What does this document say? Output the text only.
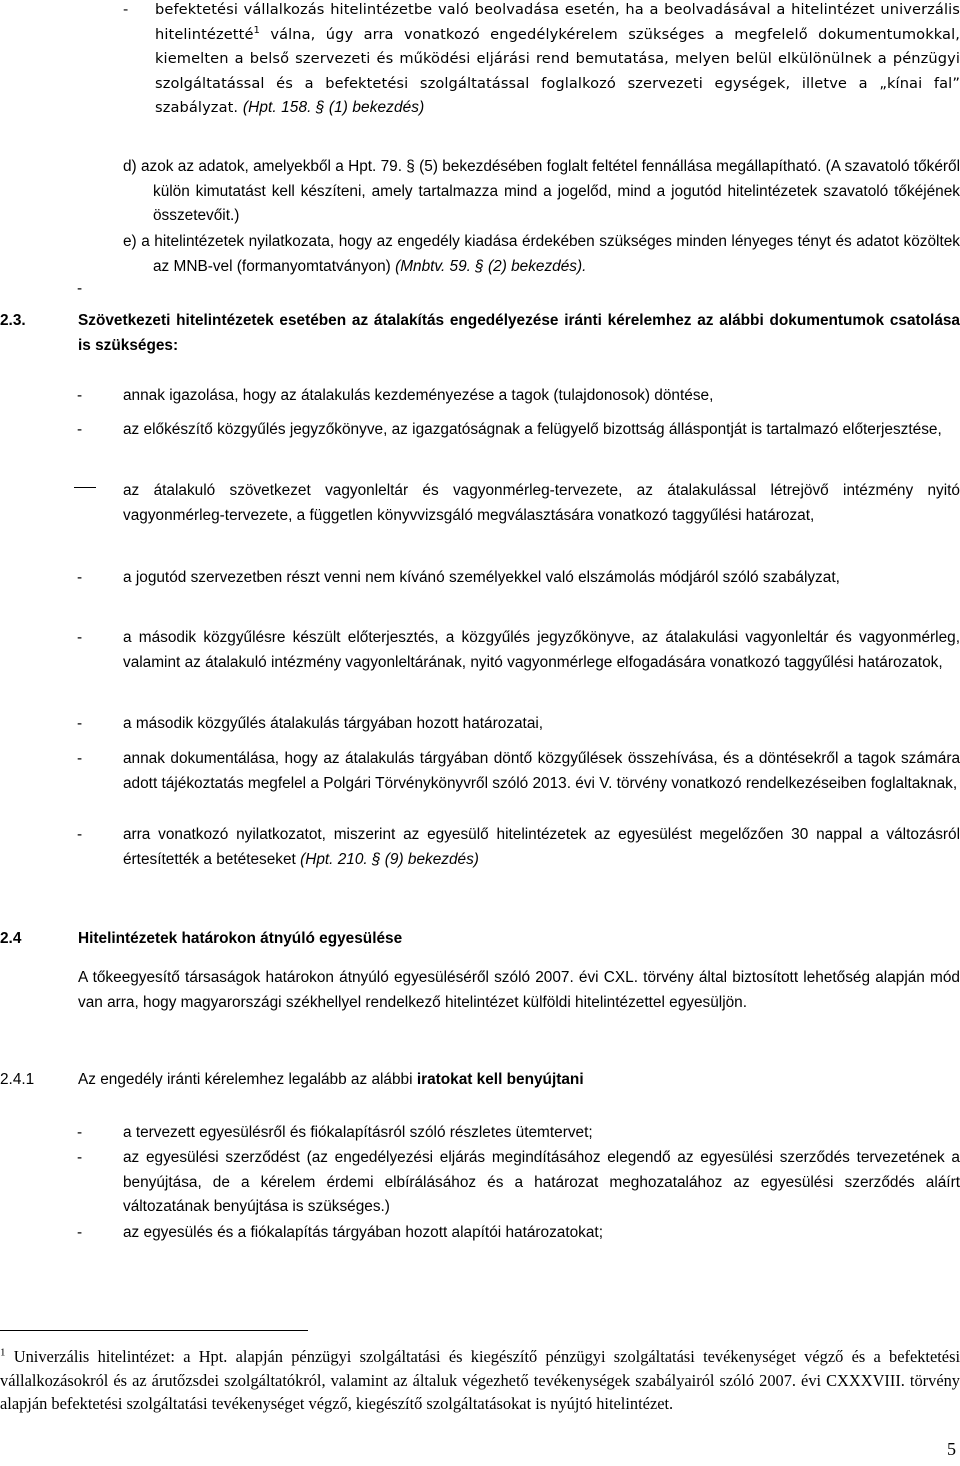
- befektetési vállalkozás hitelintézetbe való beolvadása esetén, ha a beolvadásával a hitelintézet univerzális hitelintézetté$^1$ válna, úgy arra vonatkozó engedélykérelem szükséges a megfelelő dokumentumokkal, kiemelten a belső szervezeti és működési eljárási rend bemutatása, melyen belül elkülönülnek a pénzügyi szolgáltatással és a befektetési szolgáltatással foglalkozó szervezeti egységek, illetve a „kínai fal” szabályzat. (Hpt. 158. § (1) bekezdés)
d) azok az adatok, amelyekből a Hpt. 79. § (5) bekezdésében foglalt feltétel fennállása megállapítható. (A szavatoló tőkéről külön kimutatást kell készíteni, amely tartalmazza mind a jogelőd, mind a jogutód hitelintézetek szavatoló tőkéjének összetevőit.)
e) a hitelintézetek nyilatkozata, hogy az engedély kiadása érdekében szükséges minden lényeges tényt és adatot közöltek az MNB-vel (formanyomtatványon) (Mnbtv. 59. § (2) bekezdés).
-
2.3.	Szövetkezeti hitelintézetek esetében az átalakítás engedélyezése iránti kérelemhez az alábbi dokumentumok csatolása is szükséges:
-	annak igazolása, hogy az átalakulás kezdeményezése a tagok (tulajdonosok) döntése,
-	az előkészítő közgyűlés jegyzőkönyve, az igazgatóságnak a felügyelő bizottság álláspontját is tartalmazó előterjesztése,
az átalakuló szövetkezet vagyonleltár és vagyonmérleg-tervezete, az átalakulással létrejövő intézmény nyitó vagyonmérleg-tervezete, a független könyvvizsgáló megválasztására vonatkozó taggyűlési határozat,
-	a jogutód szervezetben részt venni nem kívánó személyekkel való elszámolás módjáról szóló szabályzat,
-	a második közgyűlésre készült előterjesztés, a közgyűlés jegyzőkönyve, az átalakulási vagyonleltár és vagyonmérleg, valamint az átalakuló intézmény vagyonleltárának, nyitó vagyonmérlege elfogadására vonatkozó taggyűlési határozatok,
-	a második közgyűlés átalakulás tárgyában hozott határozatai,
-	annak dokumentálása, hogy az átalakulás tárgyában döntő közgyűlések összehívása, és a döntésekről a tagok számára adott tájékoztatás megfelel a Polgári Törvénykönyvről szóló 2013. évi V. törvény vonatkozó rendelkezéseiben foglaltaknak,
-	arra vonatkozó nyilatkozatot, miszerint az egyesülő hitelintézetek az egyesülést megelőzően 30 nappal a változásról értesítették a betéteseket (Hpt. 210. § (9) bekezdés)
2.4	Hitelintézetek határokon átnyúló egyesülése
A tőkeegyesítő társaságok határokon átnyúló egyesüléséről szóló 2007. évi CXL. törvény által biztosított lehetőség alapján mód van arra, hogy magyarországi székhellyel rendelkező hitelintézet külföldi hitelintézettel egyesüljön.
2.4.1	Az engedély iránti kérelemhez legalább az alábbi iratokat kell benyújtani
-	a tervezett egyesülésről és fiókalapításról szóló részletes ütemtervet;
-	az egyesülési szerződést (az engedélyezési eljárás megindításához elegendő az egyesülési szerződés tervezetének a benyújtása, de a kérelem érdemi elbírálásához és a határozat meghozatalához az egyesülési szerződés aláírt változatának benyújtása is szükséges.)
-	az egyesülés és a fiókalapítás tárgyában hozott alapítói határozatokat;
$^1$ Univerzális hitelintézet: a Hpt. alapján pénzügyi szolgáltatási és kiegészítő pénzügyi szolgáltatási tevékenységet végző és a befektetési vállalkozásokról és az árutőzsdei szolgáltatókról, valamint az általuk végezhető tevékenységek szabályairól szóló 2007. évi CXXXVIII. törvény alapján befektetési szolgáltatási tevékenységet végző, kiegészítő szolgáltatásokat is nyújtó hitelintézet.
5
